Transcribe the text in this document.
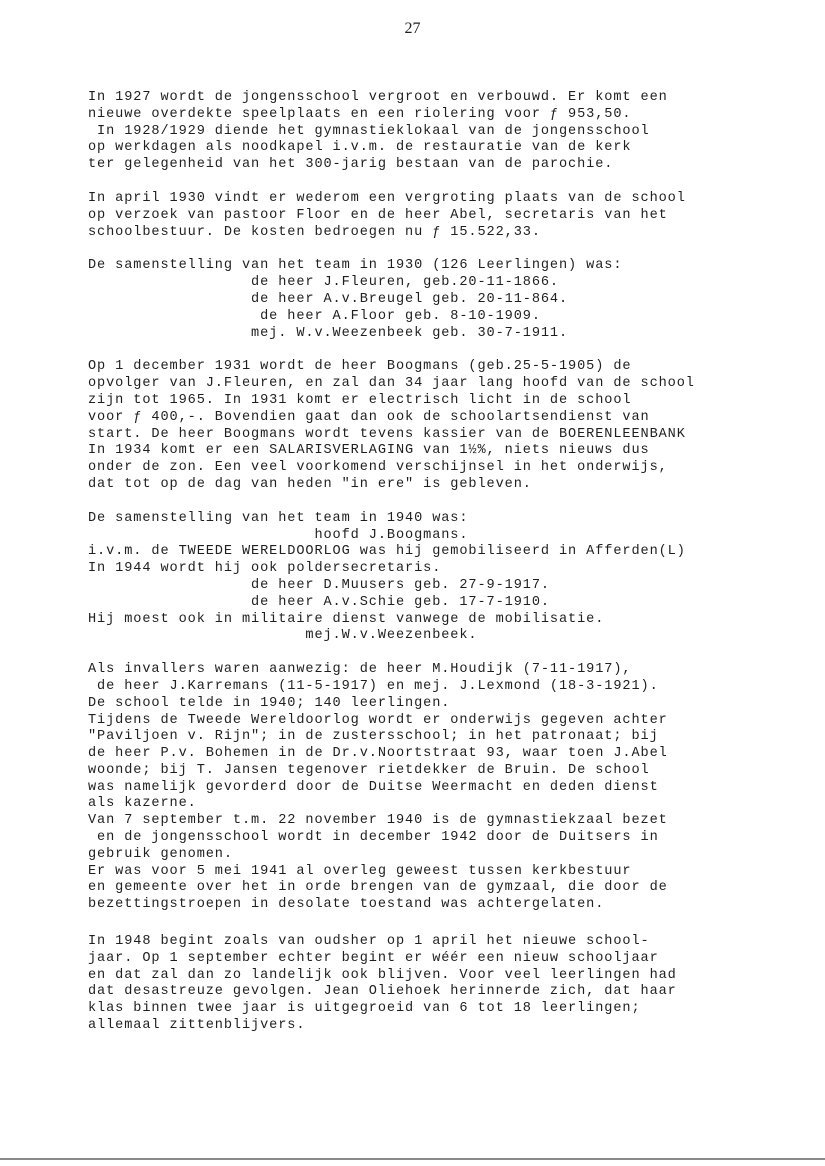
27
In 1927 wordt de jongensschool vergroot en verbouwd. Er komt een
nieuwe overdekte speelplaats en een riolering voor ƒ 953,50.
In 1928/1929 diende het gymnastieklokaal van de jongensschool
op werkdagen als noodkapel i.v.m. de restauratie van de kerk
ter gelegenheid van het 300-jarig bestaan van de parochie.
In april 1930 vindt er wederom een vergroting plaats van de school
op verzoek van pastoor Floor en de heer Abel, secretaris van het
schoolbestuur. De kosten bedroegen nu ƒ 15.522,33.
De samenstelling van het team in 1930 (126 Leerlingen) was:
de heer J.Fleuren, geb.20-11-1866.
de heer A.v.Breugel geb. 20-11-864.
de heer A.Floor geb. 8-10-1909.
mej. W.v.Weezenbeek geb. 30-7-1911.
Op 1 december 1931 wordt de heer Boogmans (geb.25-5-1905) de
opvolger van J.Fleuren, en zal dan 34 jaar lang hoofd van de school
zijn tot 1965. In 1931 komt er electrisch licht in de school
voor ƒ 400,-. Bovendien gaat dan ook de schoolartsendienst van
start. De heer Boogmans wordt tevens kassier van de BOERENLEENBANK
In 1934 komt er een SALARISVERLAGING van 1½%, niets nieuws dus
onder de zon. Een veel voorkomend verschijnsel in het onderwijs,
dat tot op de dag van heden "in ere" is gebleven.
De samenstelling van het team in 1940 was:
hoofd J.Boogmans.
i.v.m. de TWEEDE WERELDOORLOG was hij gemobiliseerd in Afferden(L)
In 1944 wordt hij ook poldersecretaris.
de heer D.Muusers geb. 27-9-1917.
de heer A.v.Schie geb. 17-7-1910.
Hij moest ook in militaire dienst vanwege de mobilisatie.
mej.W.v.Weezenbeek.
Als invallers waren aanwezig: de heer M.Houdijk (7-11-1917),
de heer J.Karremans (11-5-1917) en mej. J.Lexmond (18-3-1921).
De school telde in 1940; 140 leerlingen.
Tijdens de Tweede Wereldoorlog wordt er onderwijs gegeven achter
"Paviljoen v. Rijn"; in de zustersschool; in het patronaat; bij
de heer P.v. Bohemen in de Dr.v.Noortstraat 93, waar toen J.Abel
woonde; bij T. Jansen tegenover rietdekker de Bruin. De school
was namelijk gevorderd door de Duitse Weermacht en deden dienst
als kazerne.
Van 7 september t.m. 22 november 1940 is de gymnastiekzaal bezet
en de jongensschool wordt in december 1942 door de Duitsers in
gebruik genomen.
Er was voor 5 mei 1941 al overleg geweest tussen kerkbestuur
en gemeente over het in orde brengen van de gymzaal, die door de
bezettingstroepen in desolate toestand was achtergelaten.
In 1948 begint zoals van oudsher op 1 april het nieuwe school-
jaar. Op 1 september echter begint er wéér een nieuw schooljaar
en dat zal dan zo landelijk ook blijven. Voor veel leerlingen had
dat desastreuze gevolgen. Jean Oliehoek herinnerde zich, dat haar
klas binnen twee jaar is uitgegroeid van 6 tot 18 leerlingen;
allemaal zittenblijvers.
